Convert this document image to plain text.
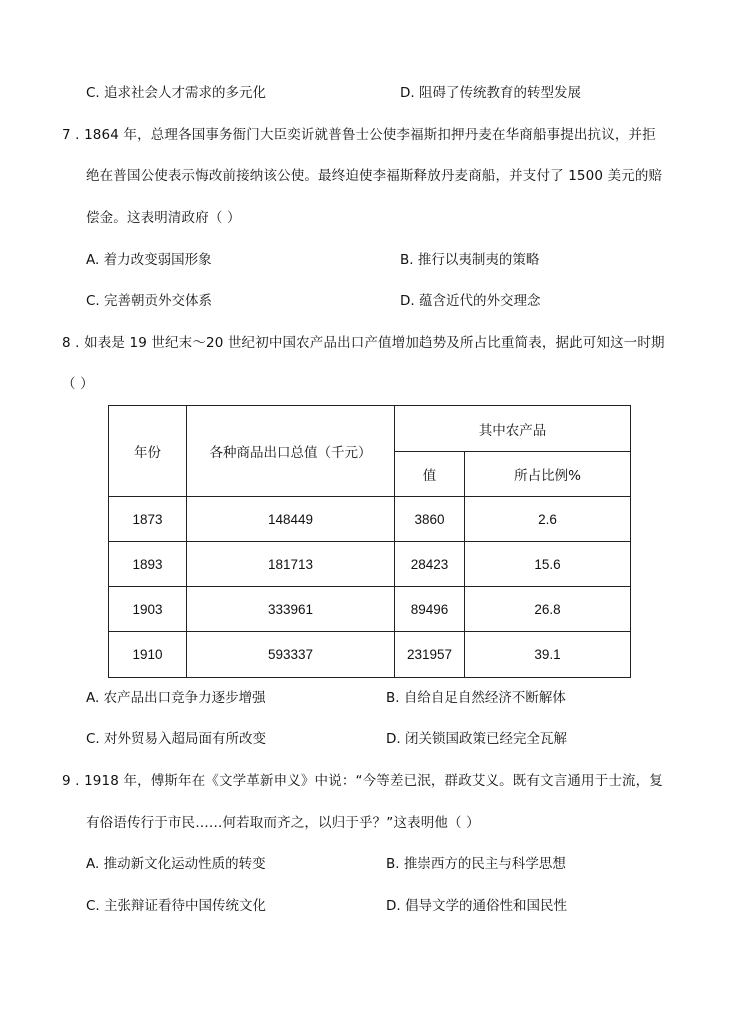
C. 追求社会人才需求的多元化	D. 阻碍了传统教育的转型发展
7 . 1864 年，总理各国事务衙门大臣奕䜣就普鲁士公使李福斯扣押丹麦在华商船事提出抗议，并拒
绝在普国公使表示悔改前接纳该公使。最终迫使李福斯释放丹麦商船，并支付了 1500 美元的赔
偿金。这表明清政府（ ）
A. 着力改变弱国形象	B. 推行以夷制夷的策略
C. 完善朝贡外交体系	D. 蕴含近代的外交理念
8 . 如表是 19 世纪末～20 世纪初中国农产品出口产值增加趋势及所占比重简表，据此可知这一时期
（ ）
年份	各种商品出口总值（千元）	其中农产品	
		值	所占比例%
1873	148449	3860	2.6
1893	181713	28423	15.6
1903	333961	89496	26.8
1910	593337	231957	39.1
A. 农产品出口竞争力逐步增强	B. 自给自足自然经济不断解体
C. 对外贸易入超局面有所改变	D. 闭关锁国政策已经完全瓦解
9 . 1918 年，傅斯年在《文学革新申义》中说：“今等差已泯，群政艾义。既有文言通用于士流，复
有俗语传行于市民……何若取而齐之，以归于乎？”这表明他（ ）
A. 推动新文化运动性质的转变	B. 推崇西方的民主与科学思想
C. 主张辩证看待中国传统文化	D. 倡导文学的通俗性和国民性
